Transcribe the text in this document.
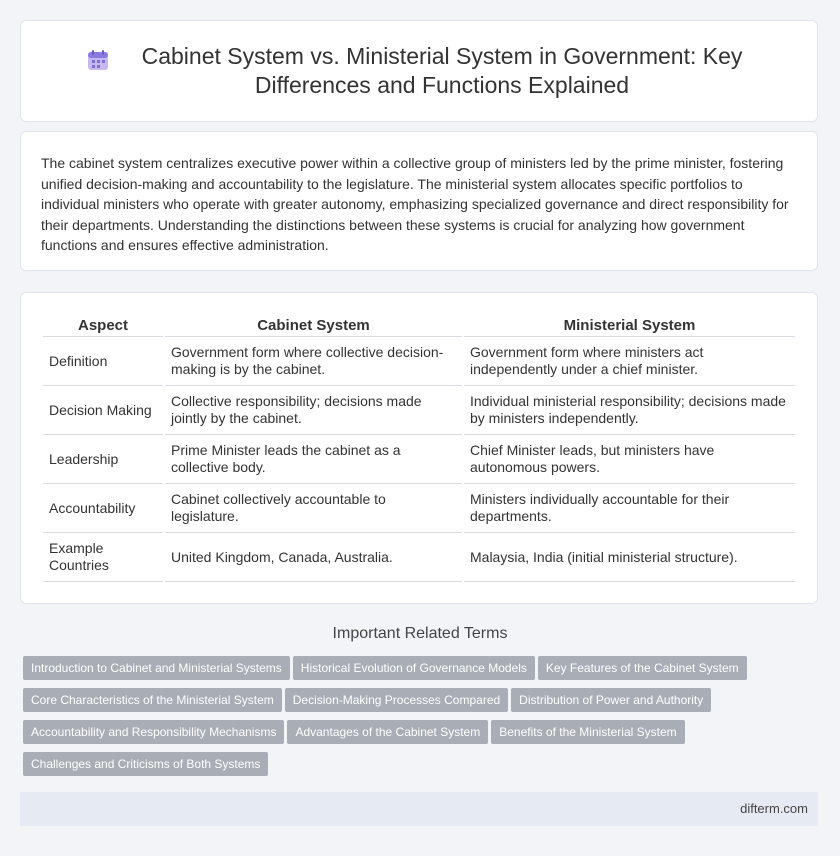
Cabinet System vs. Ministerial System in Government: Key Differences and Functions Explained

The cabinet system centralizes executive power within a collective group of ministers led by the prime minister, fostering unified decision-making and accountability to the legislature. The ministerial system allocates specific portfolios to individual ministers who operate with greater autonomy, emphasizing specialized governance and direct responsibility for their departments. Understanding the distinctions between these systems is crucial for analyzing how government functions and ensures effective administration.

Aspect	Cabinet System	Ministerial System
Definition	Government form where collective decision-making is by the cabinet.	Government form where ministers act independently under a chief minister.
Decision Making	Collective responsibility; decisions made jointly by the cabinet.	Individual ministerial responsibility; decisions made by ministers independently.
Leadership	Prime Minister leads the cabinet as a collective body.	Chief Minister leads, but ministers have autonomous powers.
Accountability	Cabinet collectively accountable to legislature.	Ministers individually accountable for their departments.
Example Countries	United Kingdom, Canada, Australia.	Malaysia, India (initial ministerial structure).
Important Related Terms
Introduction to Cabinet and Ministerial Systems Historical Evolution of Governance Models Key Features of the Cabinet System
Core Characteristics of the Ministerial System Decision-Making Processes Compared Distribution of Power and Authority
Accountability and Responsibility Mechanisms Advantages of the Cabinet System Benefits of the Ministerial System
Challenges and Criticisms of Both Systems
difterm.com
